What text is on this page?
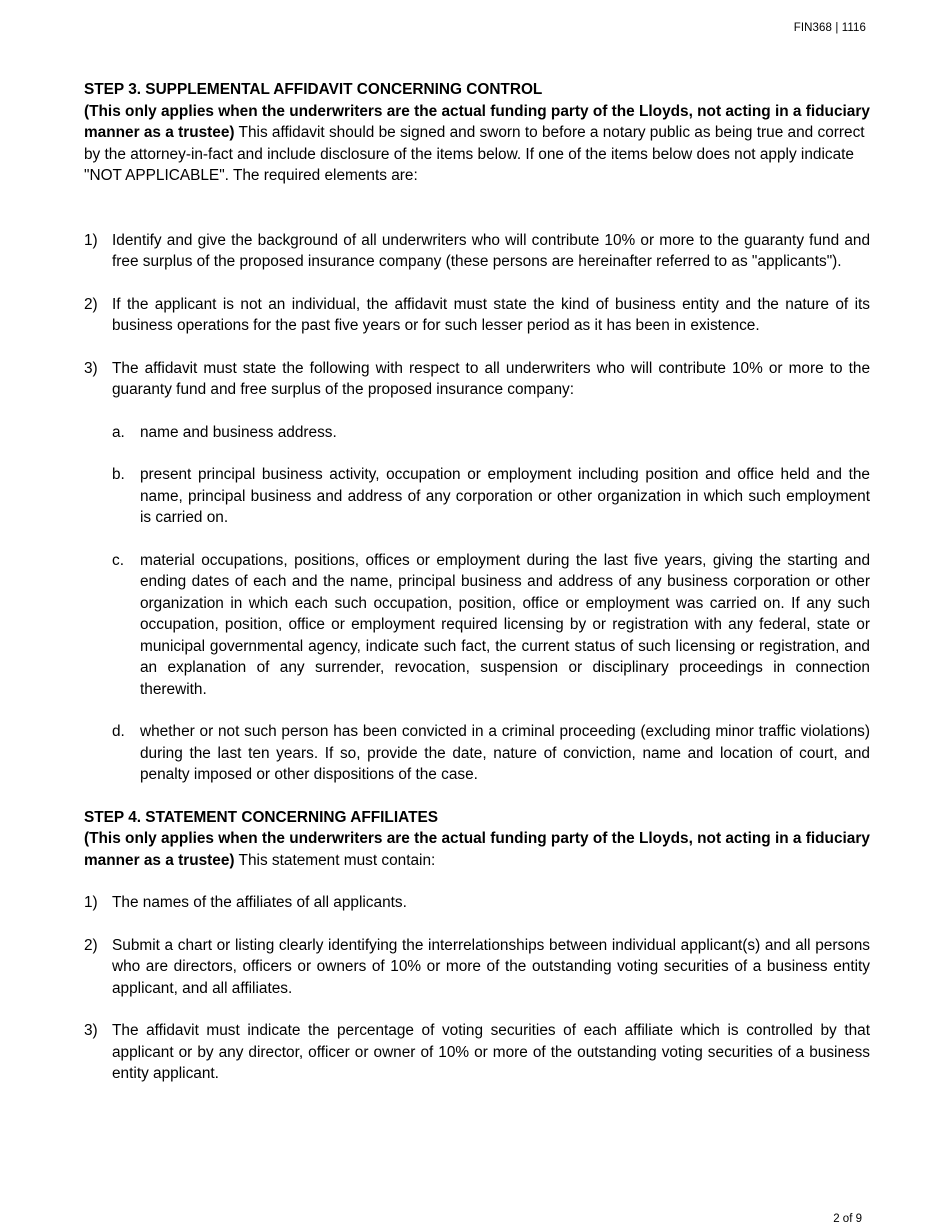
FIN368 | 1116

STEP 3. SUPPLEMENTAL AFFIDAVIT CONCERNING CONTROL

(This only applies when the underwriters are the actual funding party of the Lloyds, not acting in a fiduciary manner as a trustee) This affidavit should be signed and sworn to before a notary public as being true and correct by the attorney-in-fact and include disclosure of the items below. If one of the items below does not apply indicate "NOT APPLICABLE". The required elements are:

1) Identify and give the background of all underwriters who will contribute 10% or more to the guaranty fund and free surplus of the proposed insurance company (these persons are hereinafter referred to as "applicants").
2) If the applicant is not an individual, the affidavit must state the kind of business entity and the nature of its business operations for the past five years or for such lesser period as it has been in existence.
3) The affidavit must state the following with respect to all underwriters who will contribute 10% or more to the guaranty fund and free surplus of the proposed insurance company:
a. name and business address.
b. present principal business activity, occupation or employment including position and office held and the name, principal business and address of any corporation or other organization in which such employment is carried on.
c. material occupations, positions, offices or employment during the last five years, giving the starting and ending dates of each and the name, principal business and address of any business corporation or other organization in which each such occupation, position, office or employment was carried on. If any such occupation, position, office or employment required licensing by or registration with any federal, state or municipal governmental agency, indicate such fact, the current status of such licensing or registration, and an explanation of any surrender, revocation, suspension or disciplinary proceedings in connection therewith.
d. whether or not such person has been convicted in a criminal proceeding (excluding minor traffic violations) during the last ten years. If so, provide the date, nature of conviction, name and location of court, and penalty imposed or other dispositions of the case.

STEP 4. STATEMENT CONCERNING AFFILIATES

(This only applies when the underwriters are the actual funding party of the Lloyds, not acting in a fiduciary manner as a trustee) This statement must contain:

1) The names of the affiliates of all applicants.
2) Submit a chart or listing clearly identifying the interrelationships between individual applicant(s) and all persons who are directors, officers or owners of 10% or more of the outstanding voting securities of a business entity applicant, and all affiliates.
3) The affidavit must indicate the percentage of voting securities of each affiliate which is controlled by that applicant or by any director, officer or owner of 10% or more of the outstanding voting securities of a business entity applicant.
2 of 9
